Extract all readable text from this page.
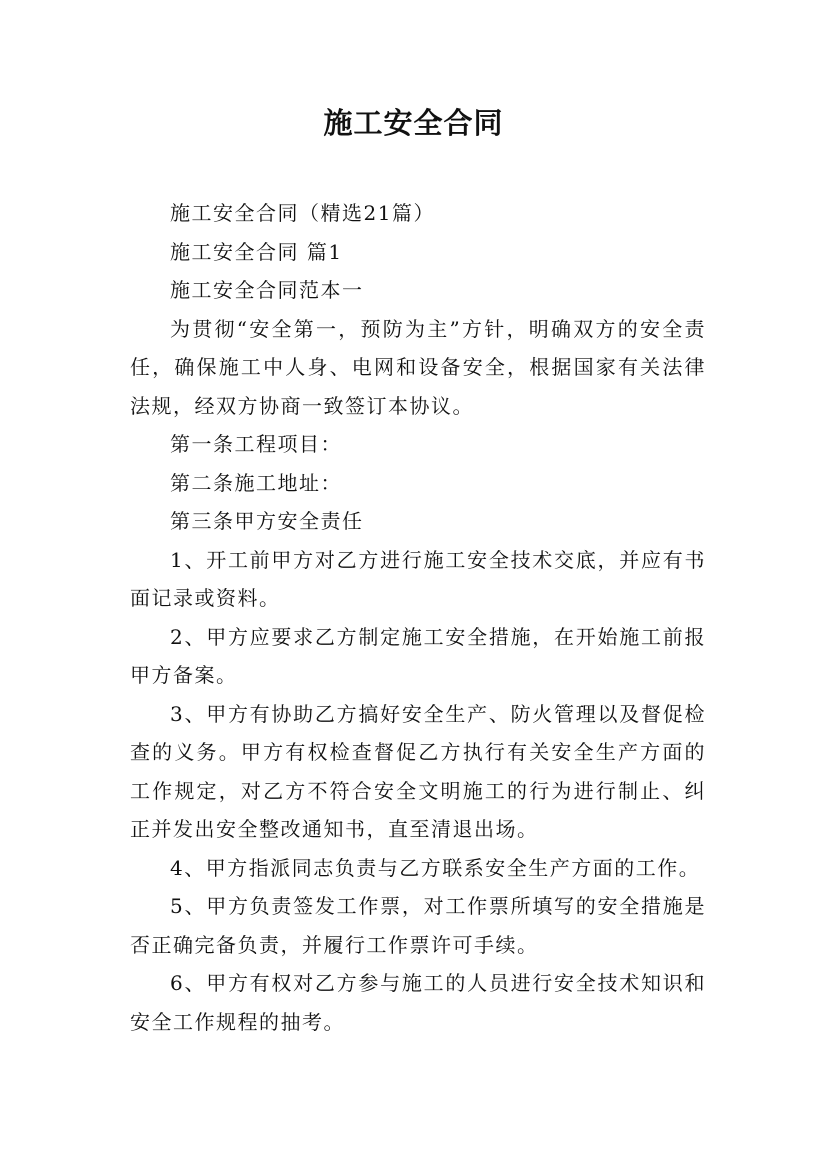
施工安全合同

施工安全合同（精选21篇）

施工安全合同 篇1

施工安全合同范本一

为贯彻“安全第一，预防为主”方针，明确双方的安全责任，确保施工中人身、电网和设备安全，根据国家有关法律法规，经双方协商一致签订本协议。

第一条工程项目：

第二条施工地址：

第三条甲方安全责任

1、开工前甲方对乙方进行施工安全技术交底，并应有书面记录或资料。

2、甲方应要求乙方制定施工安全措施，在开始施工前报甲方备案。

3、甲方有协助乙方搞好安全生产、防火管理以及督促检查的义务。甲方有权检查督促乙方执行有关安全生产方面的工作规定，对乙方不符合安全文明施工的行为进行制止、纠正并发出安全整改通知书，直至清退出场。

4、甲方指派同志负责与乙方联系安全生产方面的工作。

5、甲方负责签发工作票，对工作票所填写的安全措施是否正确完备负责，并履行工作票许可手续。

6、甲方有权对乙方参与施工的人员进行安全技术知识和安全工作规程的抽考。
